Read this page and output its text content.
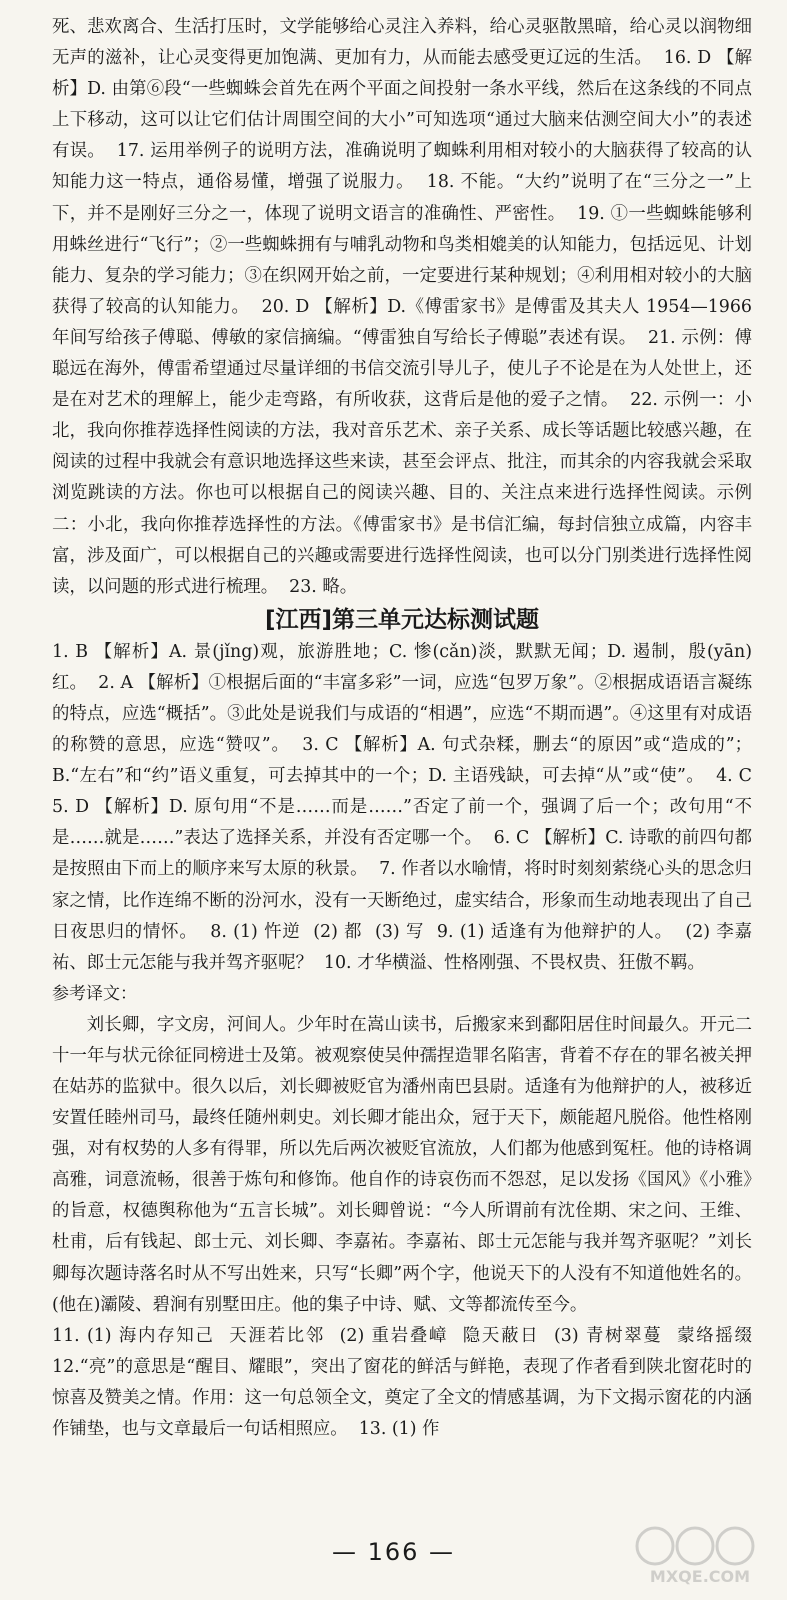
死、悲欢离合、生活打压时，文学能够给心灵注入养料，给心灵驱散黑暗，给心灵以润物细无声的滋补，让心灵变得更加饱满、更加有力，从而能去感受更辽远的生活。  16. D 【解析】D. 由第⑥段“一些蜘蛛会首先在两个平面之间投射一条水平线，然后在这条线的不同点上下移动，这可以让它们估计周围空间的大小”可知选项“通过大脑来估测空间大小”的表述有误。  17. 运用举例子的说明方法，准确说明了蜘蛛利用相对较小的大脑获得了较高的认知能力这一特点，通俗易懂，增强了说服力。  18. 不能。“大约”说明了在“三分之一”上下，并不是刚好三分之一，体现了说明文语言的准确性、严密性。  19. ①一些蜘蛛能够利用蛛丝进行“飞行”；②一些蜘蛛拥有与哺乳动物和鸟类相媲美的认知能力，包括远见、计划能力、复杂的学习能力；③在织网开始之前，一定要进行某种规划；④利用相对较小的大脑获得了较高的认知能力。  20. D 【解析】D.《傅雷家书》是傅雷及其夫人 1954—1966 年间写给孩子傅聪、傅敏的家信摘编。“傅雷独自写给长子傅聪”表述有误。  21. 示例：傅聪远在海外，傅雷希望通过尽量详细的书信交流引导儿子，使儿子不论是在为人处世上，还是在对艺术的理解上，能少走弯路，有所收获，这背后是他的爱子之情。  22. 示例一：小北，我向你推荐选择性阅读的方法，我对音乐艺术、亲子关系、成长等话题比较感兴趣，在阅读的过程中我就会有意识地选择这些来读，甚至会评点、批注，而其余的内容我就会采取浏览跳读的方法。你也可以根据自己的阅读兴趣、目的、关注点来进行选择性阅读。示例二：小北，我向你推荐选择性的方法。《傅雷家书》是书信汇编，每封信独立成篇，内容丰富，涉及面广，可以根据自己的兴趣或需要进行选择性阅读，也可以分门别类进行选择性阅读，以问题的形式进行梳理。  23. 略。

[江西]第三单元达标测试题

1. B 【解析】A. 景(jǐng)观，旅游胜地；C. 惨(cǎn)淡，默默无闻；D. 遏制，殷(yān)红。  2. A 【解析】①根据后面的“丰富多彩”一词，应选“包罗万象”。②根据成语语言凝练的特点，应选“概括”。③此处是说我们与成语的“相遇”，应选“不期而遇”。④这里有对成语的称赞的意思，应选“赞叹”。  3. C 【解析】A. 句式杂糅，删去“的原因”或“造成的”；B.“左右”和“约”语义重复，可去掉其中的一个；D. 主语残缺，可去掉“从”或“使”。  4. C  5. D 【解析】D. 原句用“不是……而是……”否定了前一个，强调了后一个；改句用“不是……就是……”表达了选择关系，并没有否定哪一个。  6. C 【解析】C. 诗歌的前四句都是按照由下而上的顺序来写太原的秋景。  7. 作者以水喻情，将时时刻刻萦绕心头的思念归家之情，比作连绵不断的汾河水，没有一天断绝过，虚实结合，形象而生动地表现出了自己日夜思归的情怀。  8. (1) 忤逆  (2) 都  (3) 写  9. (1) 适逢有为他辩护的人。  (2) 李嘉祐、郎士元怎能与我并驾齐驱呢？  10. 才华横溢、性格刚强、不畏权贵、狂傲不羁。

参考译文：

刘长卿，字文房，河间人。少年时在嵩山读书，后搬家来到鄱阳居住时间最久。开元二十一年与状元徐征同榜进士及第。被观察使吴仲孺捏造罪名陷害，背着不存在的罪名被关押在姑苏的监狱中。很久以后，刘长卿被贬官为潘州南巴县尉。适逢有为他辩护的人，被移近安置任睦州司马，最终任随州刺史。刘长卿才能出众，冠于天下，颇能超凡脱俗。他性格刚强，对有权势的人多有得罪，所以先后两次被贬官流放，人们都为他感到冤枉。他的诗格调高雅，词意流畅，很善于炼句和修饰。他自作的诗哀伤而不怨怼，足以发扬《国风》《小雅》的旨意，权德舆称他为“五言长城”。刘长卿曾说：“今人所谓前有沈佺期、宋之问、王维、杜甫，后有钱起、郎士元、刘长卿、李嘉祐。李嘉祐、郎士元怎能与我并驾齐驱呢？”刘长卿每次题诗落名时从不写出姓来，只写“长卿”两个字，他说天下的人没有不知道他姓名的。(他在)灞陵、碧涧有别墅田庄。他的集子中诗、赋、文等都流传至今。

11. (1) 海内存知己  天涯若比邻  (2) 重岩叠嶂  隐天蔽日  (3) 青树翠蔓  蒙络摇缀  12.“亮”的意思是“醒目、耀眼”，突出了窗花的鲜活与鲜艳，表现了作者看到陕北窗花时的惊喜及赞美之情。作用：这一句总领全文，奠定了全文的情感基调，为下文揭示窗花的内涵作铺垫，也与文章最后一句话相照应。  13. (1) 作

— 166 —
MXQE.COM
